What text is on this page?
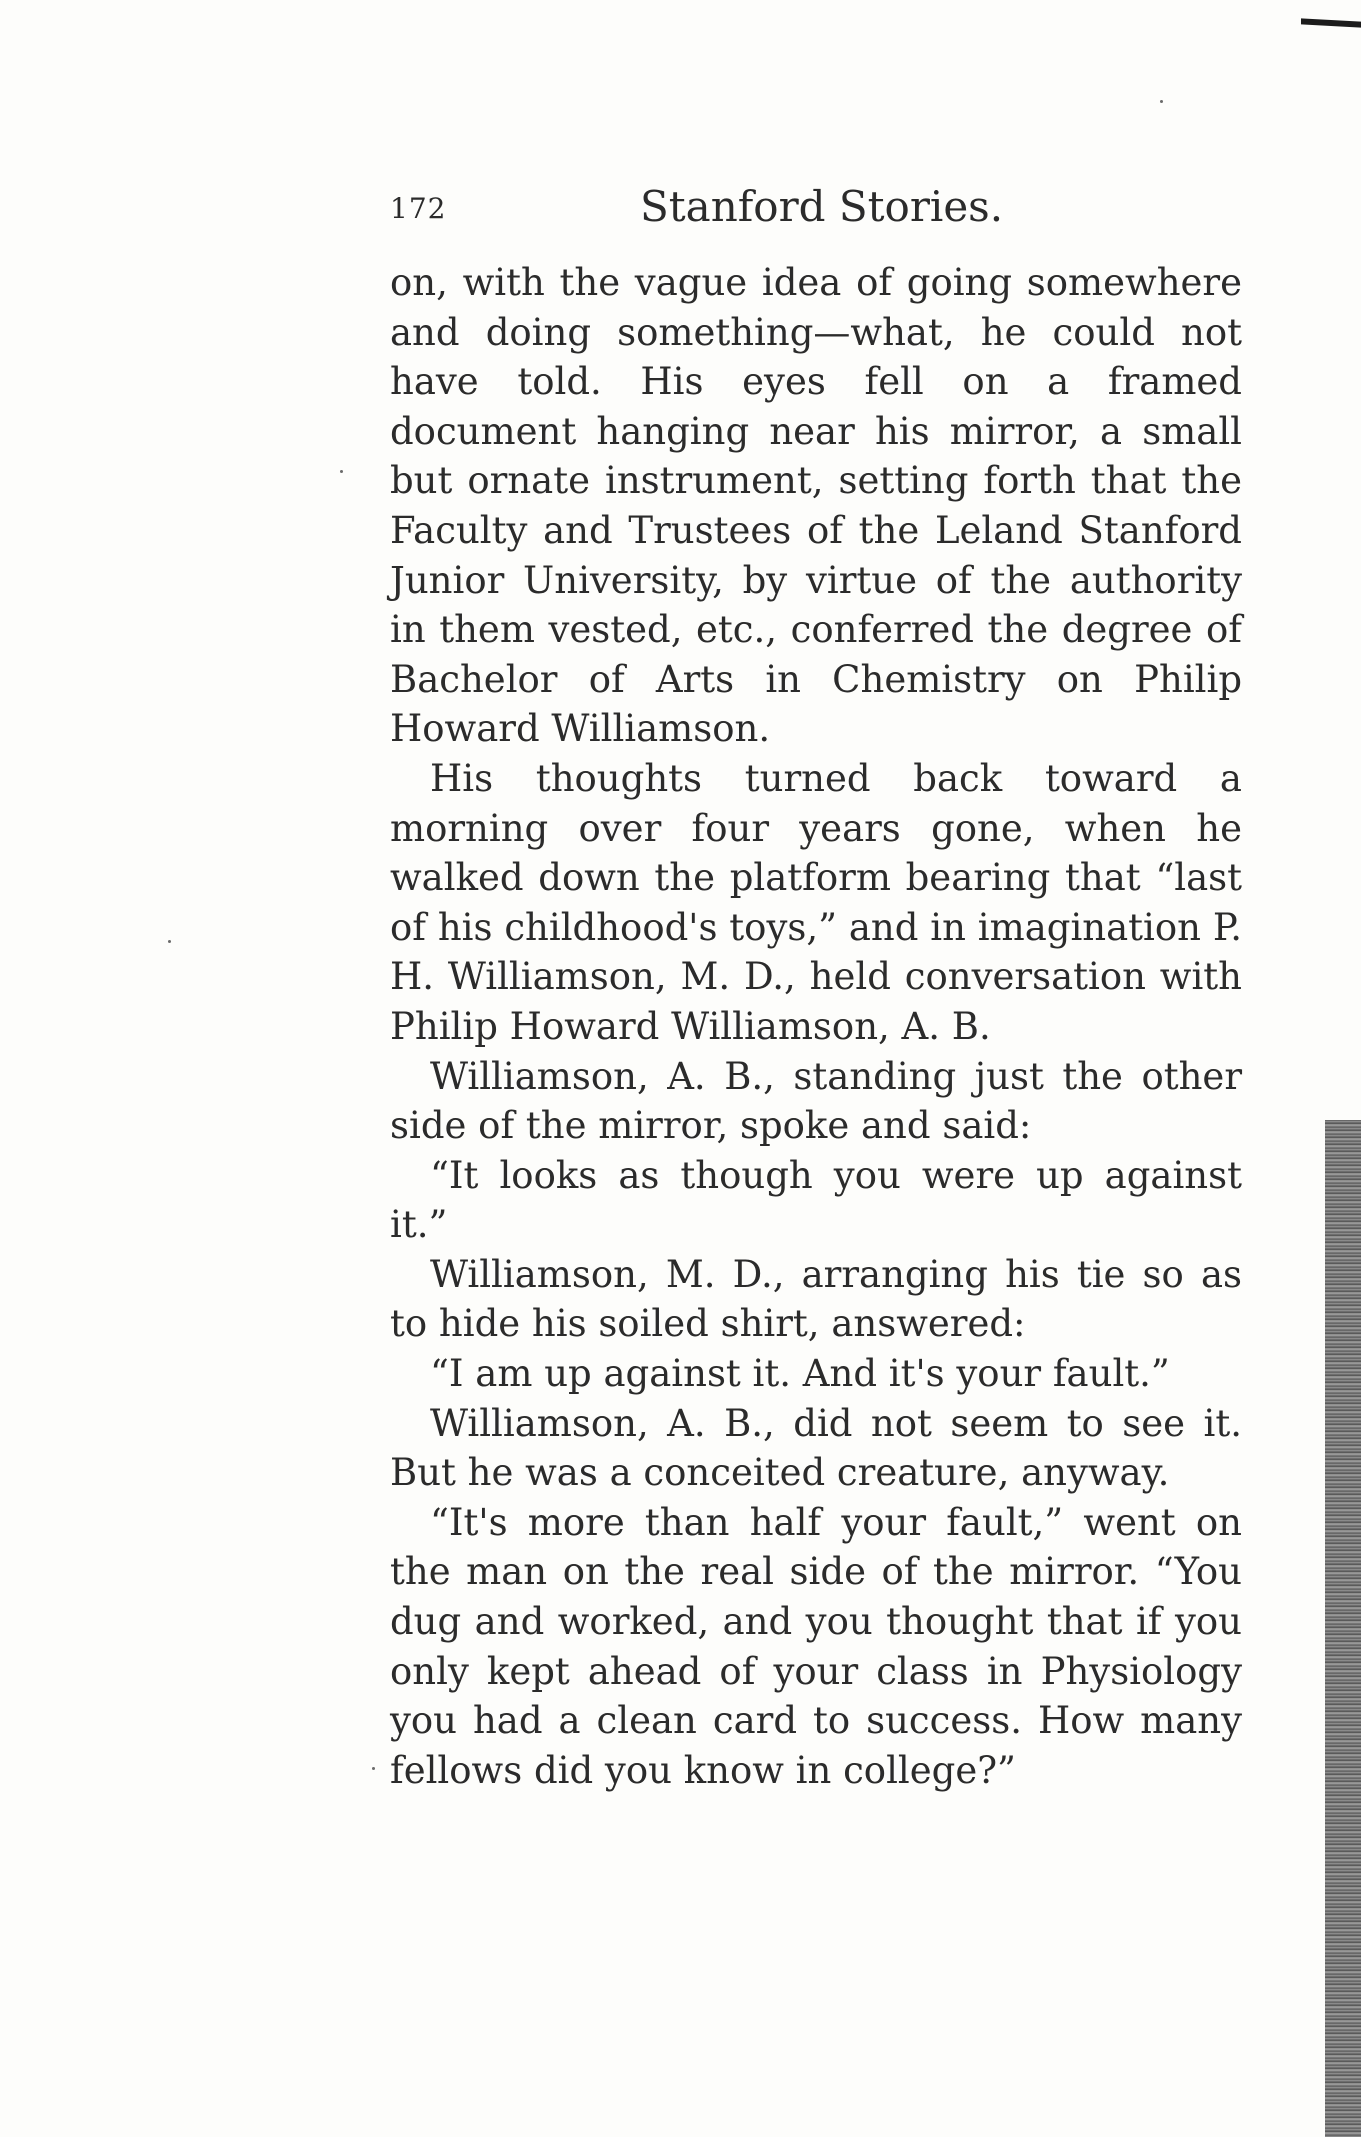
172	Stanford Stories.

on, with the vague idea of going somewhere and doing something—what, he could not have told. His eyes fell on a framed document hanging near his mirror, a small but ornate instrument, setting forth that the Faculty and Trustees of the Leland Stanford Junior University, by virtue of the authority in them vested, etc., conferred the degree of Bachelor of Arts in Chemistry on Philip Howard Williamson.

His thoughts turned back toward a morning over four years gone, when he walked down the platform bearing that “last of his childhood's toys,” and in imagination P. H. Williamson, M. D., held conversation with Philip Howard Williamson, A. B.

Williamson, A. B., standing just the other side of the mirror, spoke and said:

“It looks as though you were up against it.”

Williamson, M. D., arranging his tie so as to hide his soiled shirt, answered:

“I am up against it. And it's your fault.”

Williamson, A. B., did not seem to see it. But he was a conceited creature, anyway.

“It's more than half your fault,” went on the man on the real side of the mirror. “You dug and worked, and you thought that if you only kept ahead of your class in Physiology you had a clean card to success. How many fellows did you know in college?”
